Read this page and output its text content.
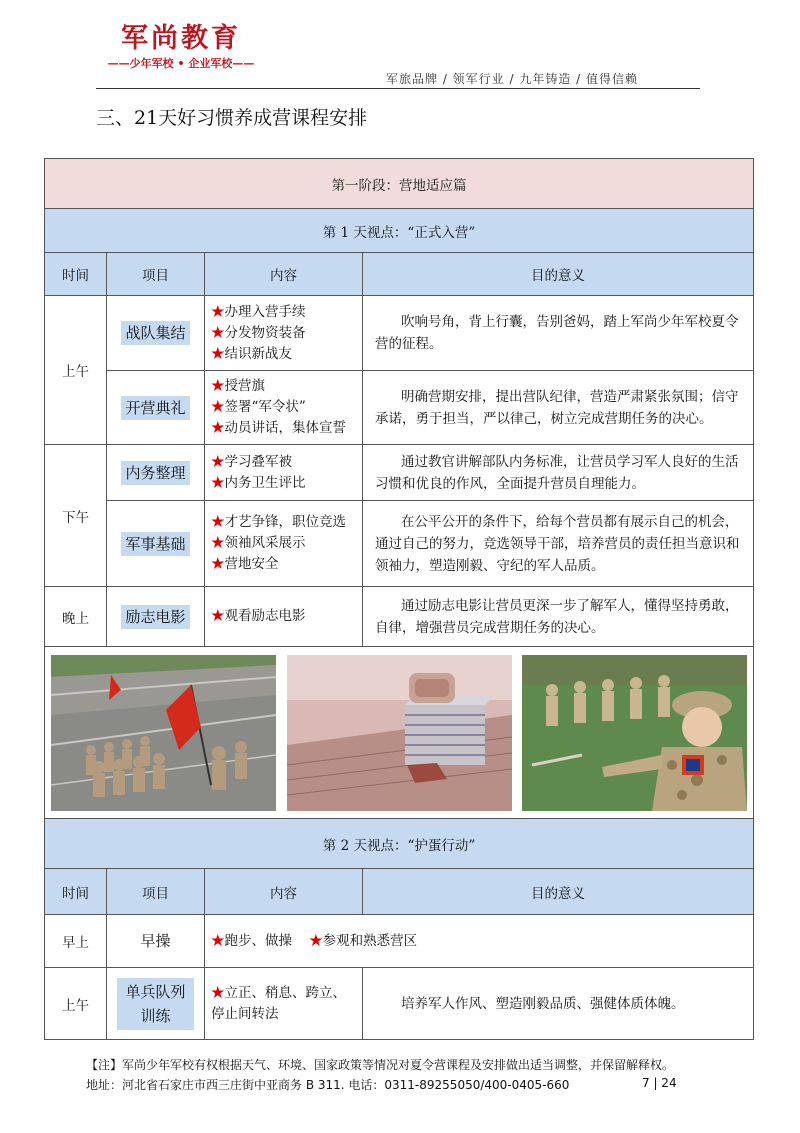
军尚教育
——少年军校 • 企业军校——
军旅品牌 / 领军行业 / 九年铸造 / 值得信赖
三、21天好习惯养成营课程安排
第一阶段：营地适应篇			
第 1 天视点：“正式入营”			
时间	项目	内容	目的意义
上午	战队集结	★办理入营手续
★分发物资装备
★结识新战友	吹响号角，背上行囊，告别爸妈，踏上军尚少年军校夏令营的征程。
	开营典礼	★授营旗
★签署“军令状”
★动员讲话，集体宣誓	明确营期安排，提出营队纪律，营造严肃紧张氛围；信守承诺，勇于担当，严以律己，树立完成营期任务的决心。
下午	内务整理	★学习叠军被
★内务卫生评比	通过教官讲解部队内务标准，让营员学习军人良好的生活习惯和优良的作风，全面提升营员自理能力。
	军事基础	★才艺争锋，职位竞选
★领袖风采展示
★营地安全	在公平公开的条件下，给每个营员都有展示自己的机会，通过自己的努力，竞选领导干部，培养营员的责任担当意识和领袖力，塑造刚毅、守纪的军人品质。
晚上	励志电影	★观看励志电影	通过励志电影让营员更深一步了解军人，懂得坚持勇敢，自律，增强营员完成营期任务的决心。

第 2 天视点：“护蛋行动”			
时间	项目	内容	目的意义
早上	早操	★跑步、做操 ★参观和熟悉营区	
上午	单兵队列
训练	★立正、稍息、跨立、停止间转法	培养军人作风、塑造刚毅品质、强健体质体魄。
【注】军尚少年军校有权根据天气、环境、国家政策等情况对夏令营课程及安排做出适当调整，并保留解释权。
地址：河北省石家庄市西三庄街中亚商务 B 311. 电话：0311-89255050/400-0405-660	7 | 24
